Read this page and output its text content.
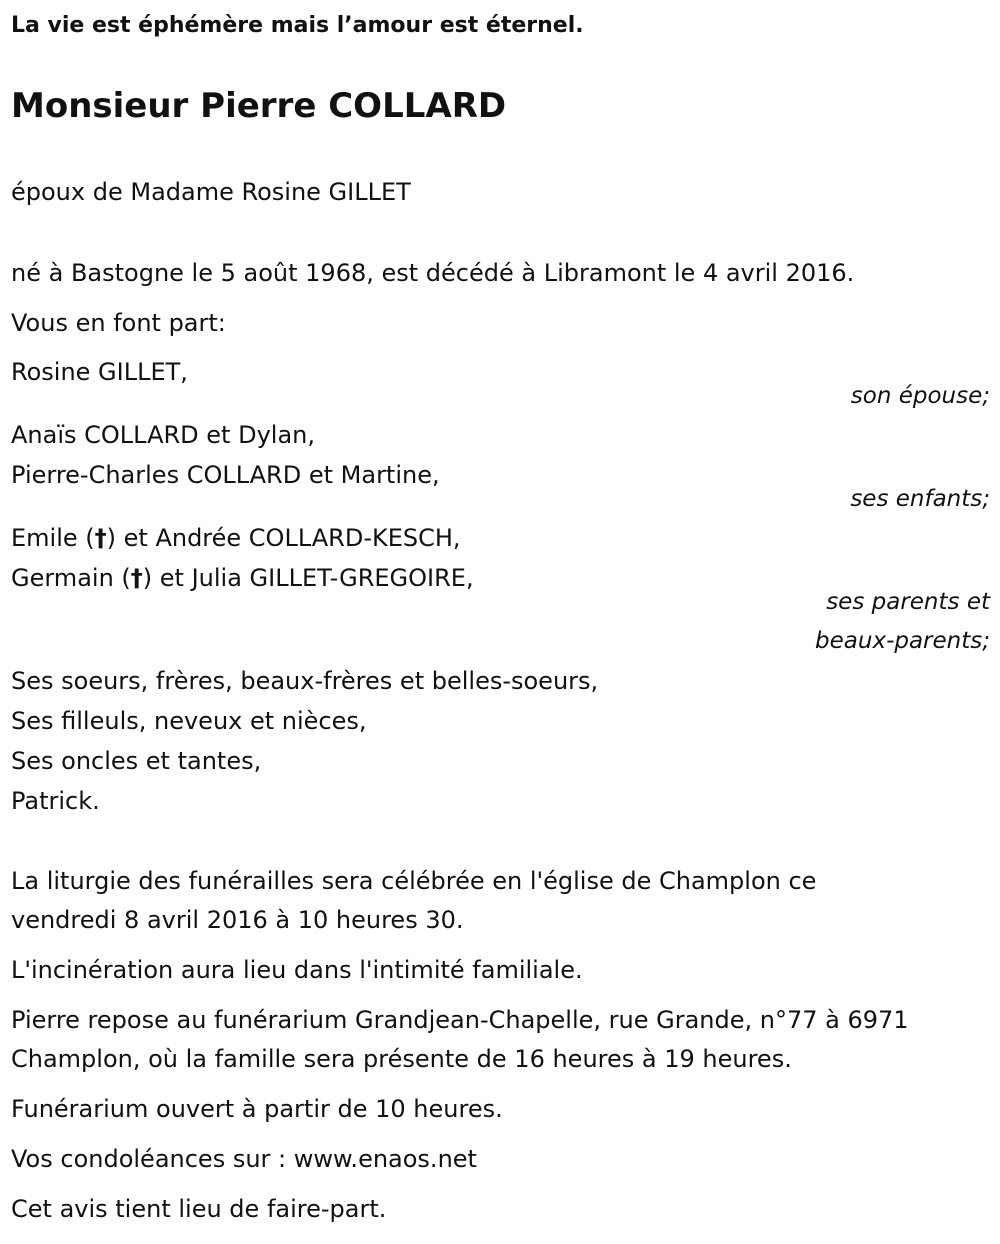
La vie est éphémère mais l’amour est éternel.
Monsieur Pierre COLLARD
époux de Madame Rosine GILLET
né à Bastogne le 5 août 1968, est décédé à Libramont le 4 avril 2016.
Vous en font part:
Rosine GILLET,
son épouse;
Anaïs COLLARD et Dylan,
Pierre-Charles COLLARD et Martine,
ses enfants;
Emile (†) et Andrée COLLARD-KESCH,
Germain (†) et Julia GILLET-GREGOIRE,
ses parents et
beaux-parents;
Ses soeurs, frères, beaux-frères et belles-soeurs,
Ses filleuls, neveux et nièces,
Ses oncles et tantes,
Patrick.
La liturgie des funérailles sera célébrée en l'église de Champlon ce
vendredi 8 avril 2016 à 10 heures 30.
L'incinération aura lieu dans l'intimité familiale.
Pierre repose au funérarium Grandjean-Chapelle, rue Grande, n°77 à 6971
Champlon, où la famille sera présente de 16 heures à 19 heures.
Funérarium ouvert à partir de 10 heures.
Vos condoléances sur : www.enaos.net
Cet avis tient lieu de faire-part.
